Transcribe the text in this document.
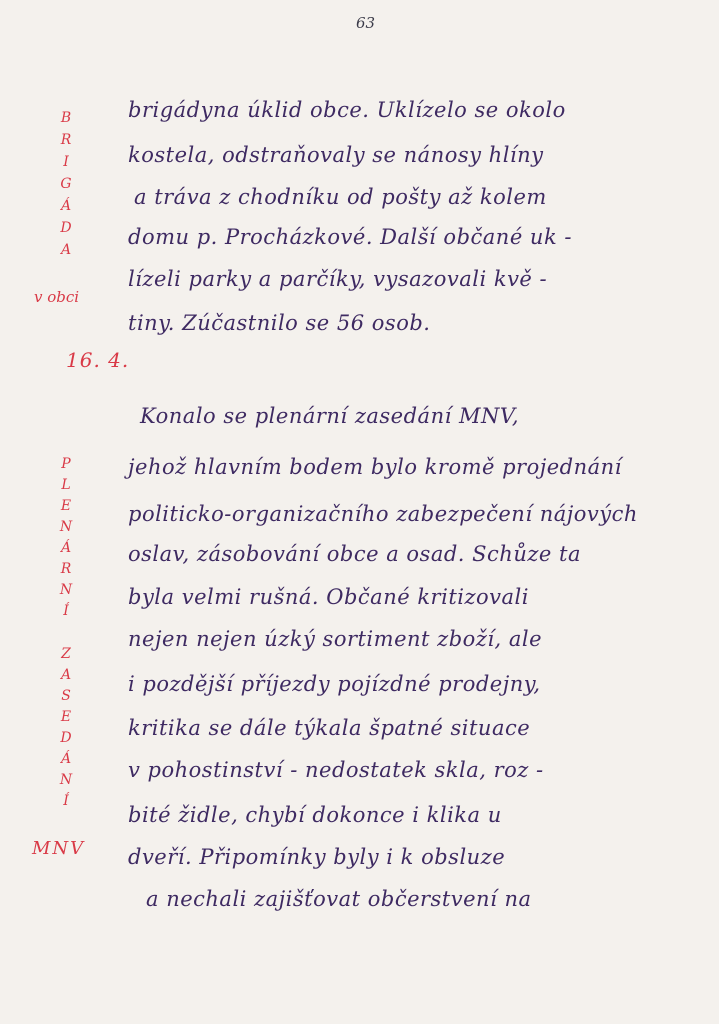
63
B
R
I
G
Á
D
A
v obci
16. 4.
P
L
E
N
Á
R
N
Í
Z
A
S
E
D
Á
N
Í
MNV
brigádyna úklid obce. Uklízelo se okolo
kostela, odstraňovaly se nánosy hlíny
a tráva z chodníku od pošty až kolem
domu p. Procházkové. Další občané uk -
lízeli parky a parčíky, vysazovali kvě -
tiny. Zúčastnilo se 56 osob.
Konalo se plenární zasedání MNV,
jehož hlavním bodem bylo kromě projednání
politicko-organizačního zabezpečení nájových
oslav, zásobování obce a osad. Schůze ta
byla velmi rušná. Občané kritizovali
nejen nejen úzký sortiment zboží, ale
i pozdější příjezdy pojízdné prodejny,
kritika se dále týkala špatné situace
v pohostinství - nedostatek skla, roz -
bité židle, chybí dokonce i klika u
dveří. Připomínky byly i k obsluze
a nechali zajišťovat občerstvení na
